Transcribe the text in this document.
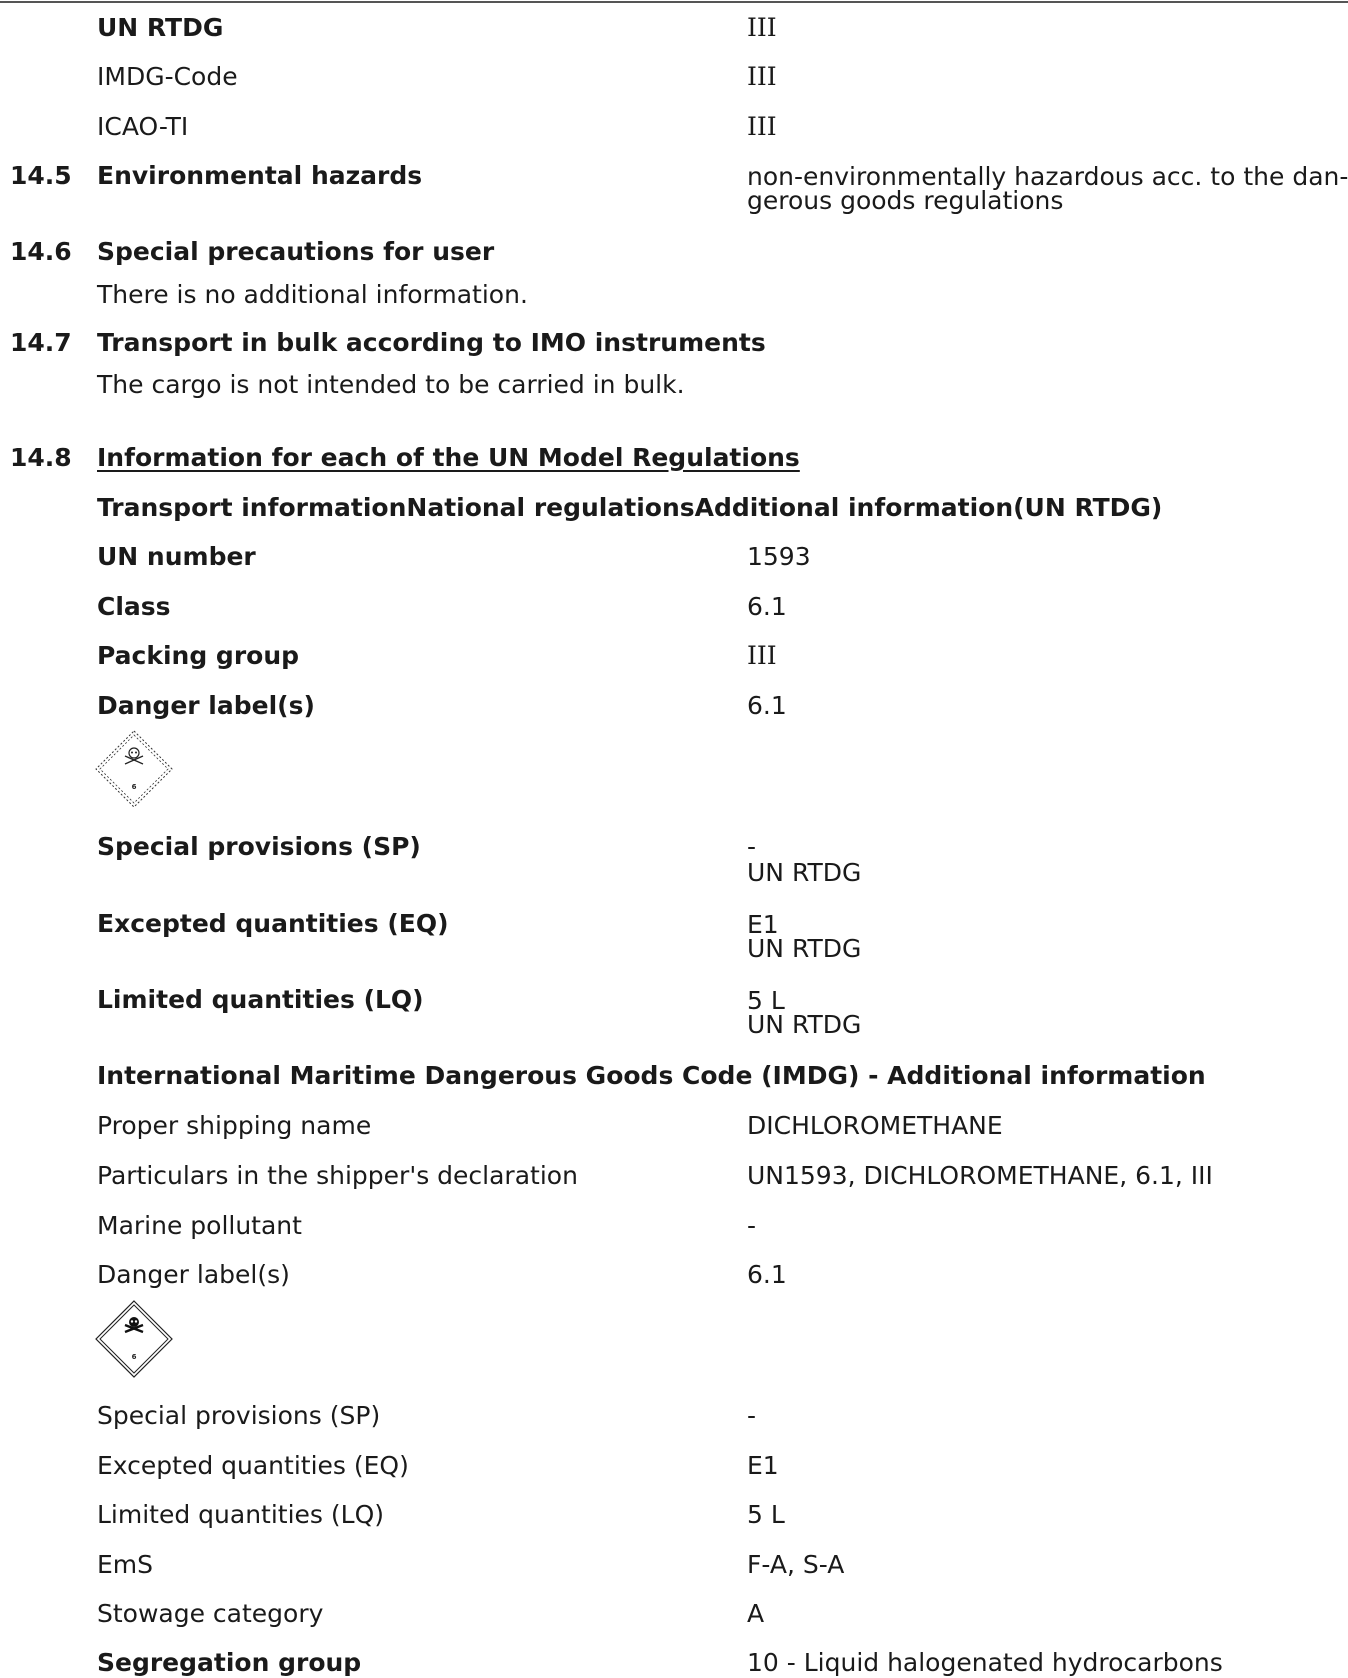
UN RTDG	III
IMDG-Code	III
ICAO-TI	III
14.5 Environmental hazards	non-environmentally hazardous acc. to the dan-
gerous goods regulations
14.6 Special precautions for user
There is no additional information.
14.7 Transport in bulk according to IMO instruments
The cargo is not intended to be carried in bulk.
14.8 Information for each of the UN Model Regulations
Transport informationNational regulationsAdditional information(UN RTDG)
UN number	1593
Class	6.1
Packing group	III
Danger label(s)	6.1
6
Special provisions (SP)	-
UN RTDG
Excepted quantities (EQ)	E1
UN RTDG
Limited quantities (LQ)	5 L
UN RTDG
International Maritime Dangerous Goods Code (IMDG) - Additional information
Proper shipping name	DICHLOROMETHANE
Particulars in the shipper's declaration	UN1593, DICHLOROMETHANE, 6.1, III
Marine pollutant	-
Danger label(s)	6.1
6
Special provisions (SP)	-
Excepted quantities (EQ)	E1
Limited quantities (LQ)	5 L
EmS	F-A, S-A
Stowage category	A
Segregation group	10 - Liquid halogenated hydrocarbons
